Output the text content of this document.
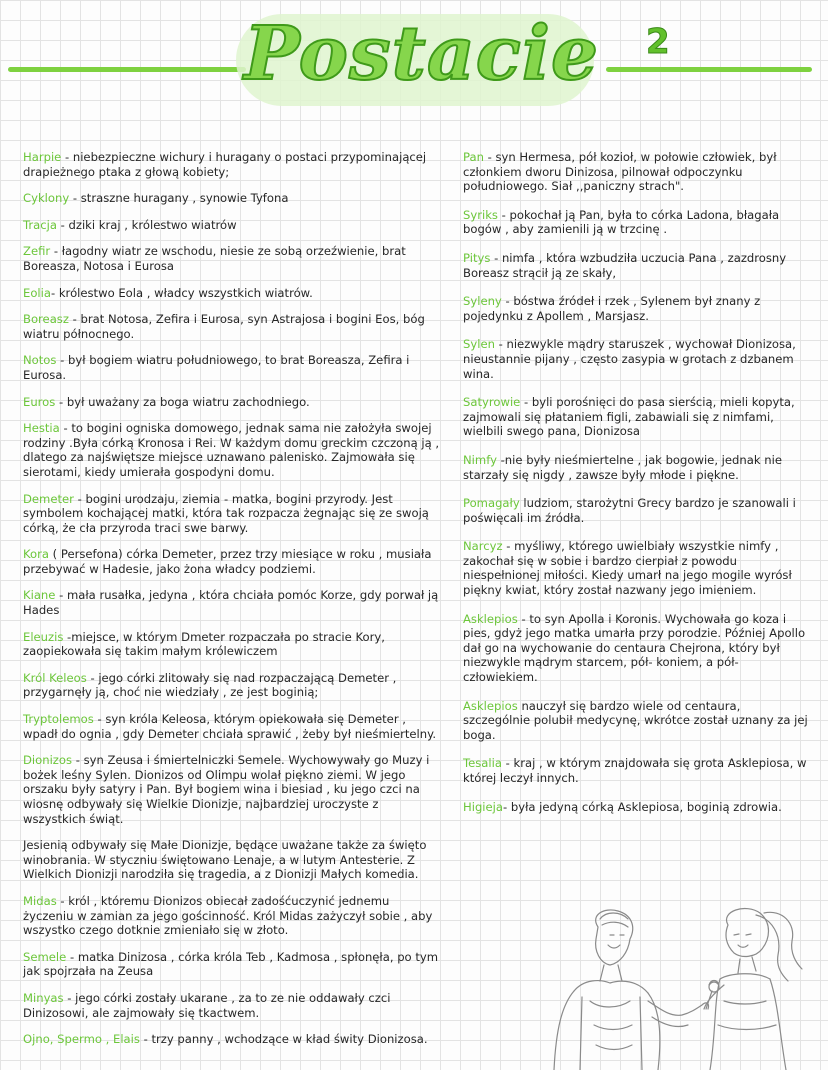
Postacie 2
Harpie - niebezpieczne wichury i huragany o postaci przypominającej drapieżnego ptaka z głową kobiety;
Cyklony - straszne huragany , synowie Tyfona
Tracja - dziki kraj , królestwo wiatrów
Zefir - łagodny wiatr ze wschodu, niesie ze sobą orzeźwienie, brat Boreasza, Notosa i Eurosa
Eolia- królestwo Eola , władcy wszystkich wiatrów.
Boreasz - brat Notosa, Zefira i Eurosa, syn Astrajosa i bogini Eos, bóg wiatru północnego.
Notos - był bogiem wiatru południowego, to brat Boreasza, Zefira i Eurosa.
Euros - był uważany za boga wiatru zachodniego.
Hestia - to bogini ogniska domowego, jednak sama nie założyła swojej rodziny .Była córką Kronosa i Rei. W każdym domu greckim czczoną ją , dlatego za najświętsze miejsce uznawano palenisko. Zajmowała się sierotami, kiedy umierała gospodyni domu.
Demeter - bogini urodzaju, ziemia - matka, bogini przyrody. Jest symbolem kochającej matki, która tak rozpacza żegnając się ze swoją córką, że cła przyroda traci swe barwy.
Kora ( Persefona) córka Demeter, przez trzy miesiące w roku , musiała przebywać w Hadesie, jako żona władcy podziemi.
Kiane - mała rusałka, jedyna , która chciała pomóc Korze, gdy porwał ją Hades
Eleuzis -miejsce, w którym Dmeter rozpaczała po stracie Kory, zaopiekowała się takim małym królewiczem
Król Keleos - jego córki zlitowały się nad rozpaczającą Demeter , przygarnęły ją, choć nie wiedziały , ze jest boginią;
Tryptolemos - syn króla Keleosa, którym opiekowała się Demeter , wpadł do ognia , gdy Demeter chciała sprawić , żeby był nieśmiertelny.
Dionizos - syn Zeusa i śmiertelniczki Semele. Wychowywały go Muzy i bożek leśny Sylen. Dionizos od Olimpu wolał piękno ziemi. W jego orszaku były satyry i Pan. Był bogiem wina i biesiad , ku jego czci na wiosnę odbywały się Wielkie Dionizje, najbardziej uroczyste z wszystkich świąt.
Jesienią odbywały się Małe Dionizje, będące uważane także za święto winobrania. W styczniu świętowano Lenaje, a w lutym Antesterie. Z Wielkich Dionizji narodziła się tragedia, a z Dionizji Małych komedia.
Midas - król , któremu Dionizos obiecał zadośćuczynić jednemu życzeniu w zamian za jego gościnność. Król Midas zażyczył sobie , aby wszystko czego dotknie zmieniało się w złoto.
Semele - matka Dinizosa , córka króla Teb , Kadmosa , spłonęła, po tym jak spojrzała na Zeusa
Minyas - jego córki zostały ukarane , za to ze nie oddawały czci Dinizosowi, ale zajmowały się tkactwem.
Ojno, Spermo , Elais - trzy panny , wchodzące w kład świty Dionizosa.
Pan - syn Hermesa, pół kozioł, w połowie człowiek, był członkiem dworu Dinizosa, pilnował odpoczynku południowego. Siał ,,paniczny strach".
Syriks - pokochał ją Pan, była to córka Ladona, błagała bogów , aby zamienili ją w trzcinę .
Pitys - nimfa , która wzbudziła uczucia Pana , zazdrosny Boreasz strącił ją ze skały,
Syleny - bóstwa źródeł i rzek , Sylenem był znany z pojedynku z Apollem , Marsjasz.
Sylen - niezwykle mądry staruszek , wychował Dionizosa, nieustannie pijany , często zasypia w grotach z dzbanem wina.
Satyrowie - byli porośnięci do pasa sierścią, mieli kopyta, zajmowali się płataniem figli, zabawiali się z nimfami, wielbili swego pana, Dionizosa
Nimfy -nie były nieśmiertelne , jak bogowie, jednak nie starzały się nigdy , zawsze były młode i piękne.
Pomagały ludziom, starożytni Grecy bardzo je szanowali i poświęcali im źródła.
Narcyz - myśliwy, którego uwielbiały wszystkie nimfy , zakochał się w sobie i bardzo cierpiał z powodu niespełnionej miłości. Kiedy umarł na jego mogile wyrósł piękny kwiat, który został nazwany jego imieniem.
Asklepios - to syn Apolla i Koronis. Wychowała go koza i pies, gdyż jego matka umarła przy porodzie. Później Apollo dał go na wychowanie do centaura Chejrona, który był niezwykle mądrym starcem, pół- koniem, a pół-człowiekiem.
Asklepios nauczył się bardzo wiele od centaura, szczególnie polubił medycynę, wkrótce został uznany za jej boga.
Tesalia - kraj , w którym znajdowała się grota Asklepiosa, w której leczył innych.
Higieja- była jedyną córką Asklepiosa, boginią zdrowia.
